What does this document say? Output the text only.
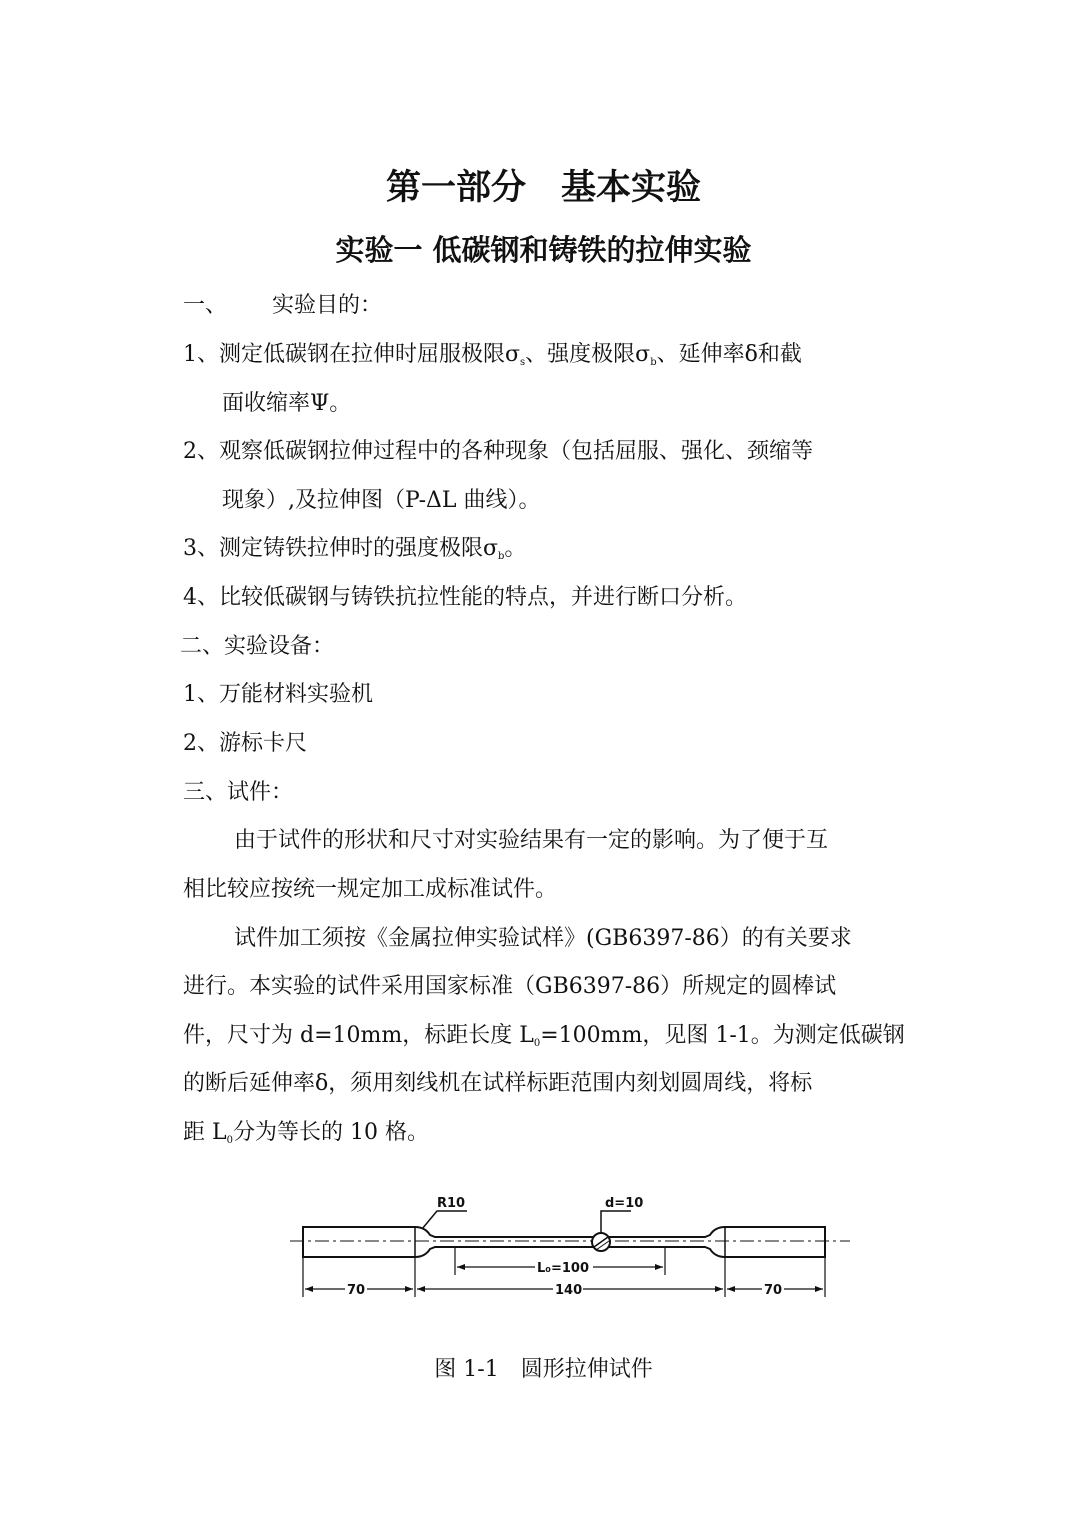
第一部分　基本实验
实验一 低碳钢和铸铁的拉伸实验
一、 实验目的：
1、测定低碳钢在拉伸时屈服极限$\sigma_s$、强度极限$\sigma_b$、延伸率δ和截
面收缩率Ψ。
2、观察低碳钢拉伸过程中的各种现象（包括屈服、强化、颈缩等
现象）,及拉伸图（P-ΔL 曲线）。
3、测定铸铁拉伸时的强度极限$\sigma_b$。
4、比较低碳钢与铸铁抗拉性能的特点，并进行断口分析。
二、实验设备：
1、万能材料实验机
2、游标卡尺
三、试件：
由于试件的形状和尺寸对实验结果有一定的影响。为了便于互
相比较应按统一规定加工成标准试件。
试件加工须按《金属拉伸实验试样》(GB6397-86）的有关要求
进行。本实验的试件采用国家标准（GB6397-86）所规定的圆棒试
件，尺寸为 d=10mm，标距长度 $L_0=100mm$，见图 1-1。为测定低碳钢
的断后延伸率δ，须用刻线机在试样标距范围内刻划圆周线，将标
距 $L_0$分为等长的 10 格。
R10	d=10
L₀=100
70	140	70
图 1-1　圆形拉伸试件
